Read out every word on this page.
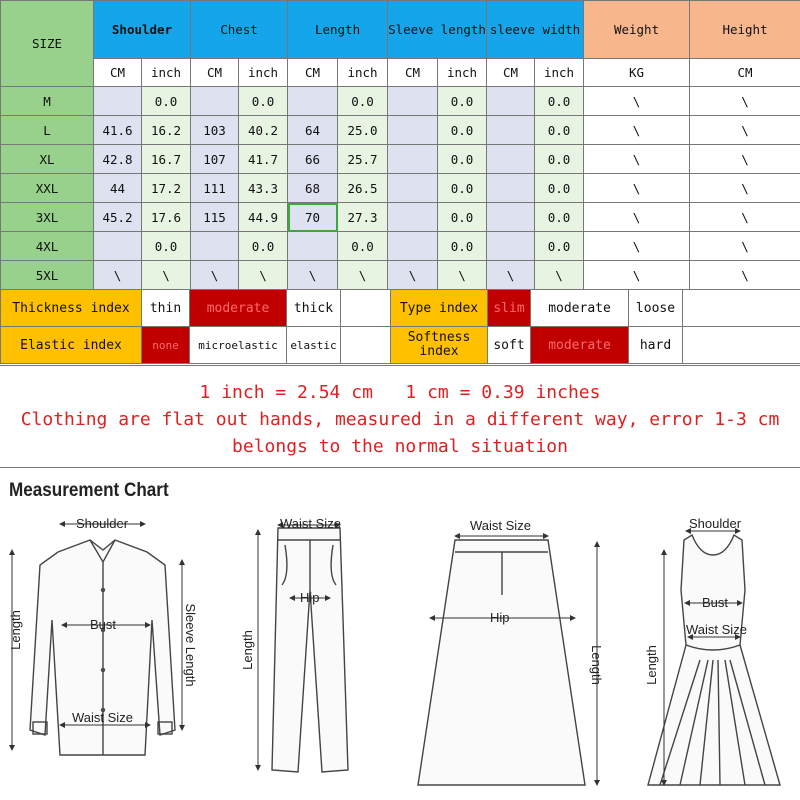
SIZE	Shoulder		Chest		Length		Sleeve length		sleeve width		Weight	Height
	CM	inch	CM	inch	CM	inch	CM	inch	CM	inch	KG	CM
M		0.0		0.0		0.0		0.0		0.0	\	\
L	41.6	16.2	103	40.2	64	25.0		0.0		0.0	\	\
XL	42.8	16.7	107	41.7	66	25.7		0.0		0.0	\	\
XXL	44	17.2	111	43.3	68	26.5		0.0		0.0	\	\
3XL	45.2	17.6	115	44.9	70	27.3		0.0		0.0	\	\
4XL		0.0		0.0		0.0		0.0		0.0	\	\
5XL	\	\	\	\	\	\	\	\	\	\	\	\
Thickness index	thin	moderate	thick		Type index	slim	moderate	loose	
Elastic index	none	microelastic	elastic		Softness index	soft	moderate	hard	
1 inch = 2.54 cm   1 cm = 0.39 inches
Clothing are flat out hands, measured in a different way, error 1-3 cm
belongs to the normal situation
Measurement Chart
Shoulder
Bust
Waist Size
Length	Sleeve Length
Waist Size
Hip
Length
Waist Size
Hip
Length
Shoulder
Bust
Waist Size
Length
